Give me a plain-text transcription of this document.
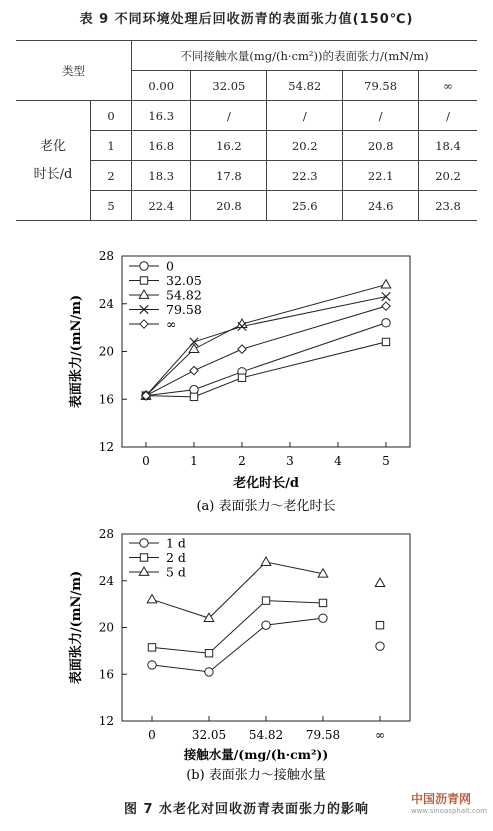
表 9 不同环境处理后回收沥青的表面张力值(150℃)
类型		不同接触水量(mg/(h·cm²))的表面张力/(mN/m)				
		0.00	32.05	54.82	79.58	∞

老化
时长/d	0	16.3	/	/	/	/
	1	16.8	16.2	20.2	20.8	18.4
	2	18.3	17.8	22.3	22.1	20.2
	5	22.4	20.8	25.6	24.6	23.8
12
16
20
24
28
0	1	2	3	4	5
老化时长/d
表面张力/(mN/m)
(a) 表面张力～老化时长
0
32.05
54.82
79.58
∞
12
16
20
24
28
0	32.05 54.82 79.58	∞
接触水量/(mg/(h·cm²))
表面张力/(mN/m)
(b) 表面张力～接触水量
1 d
2 d
5 d
图 7 水老化对回收沥青表面张力的影响
中国沥青网
www.sinoasphalt.com
